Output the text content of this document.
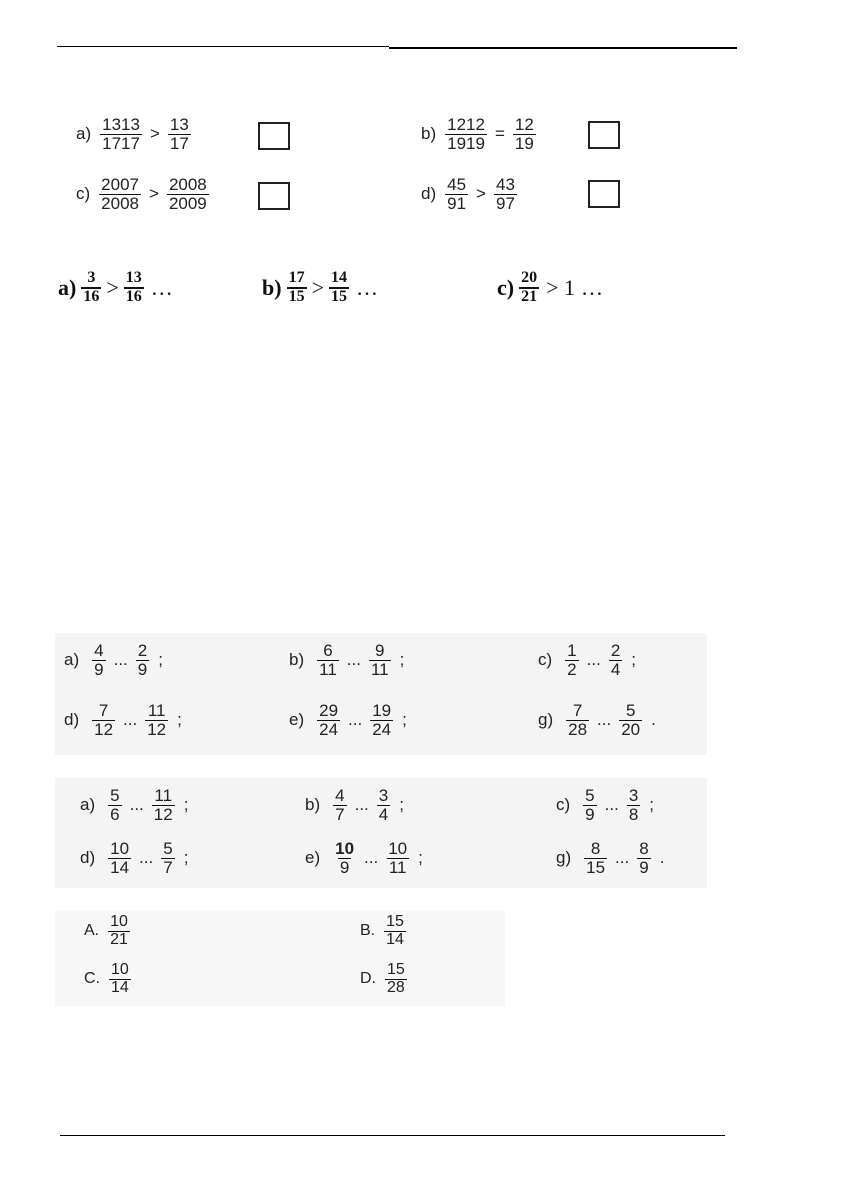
$a) \frac{1313}{1717} > \frac{13}{17}$	$b) \frac{1212}{1919} = \frac{12}{19}$
$c) \frac{2007}{2008} > \frac{2008}{2009}$	$d) \frac{45}{91} > \frac{43}{97}$
$a) \frac{3}{16} > \frac{13}{16}$ …	$b) \frac{17}{15} > \frac{14}{15}$ …	$c) \frac{20}{21} > 1$ …
$a) \frac{4}{9}$ ... $\frac{2}{9}$ ;	$b) \frac{6}{11}$ ... $\frac{9}{11}$ ;	$c) \frac{1}{2}$ ... $\frac{2}{4}$ ;
$d) \frac{7}{12}$ ... $\frac{11}{12}$ ;	$e) \frac{29}{24}$ ... $\frac{19}{24}$ ;	$g) \frac{7}{28}$ ... $\frac{5}{20}$ .
$a) \frac{5}{6}$ ... $\frac{11}{12}$ ;	$b) \frac{4}{7}$ ... $\frac{3}{4}$ ;	$c) \frac{5}{9}$ ... $\frac{3}{8}$ ;
$d) \frac{10}{14}$ ... $\frac{5}{7}$ ;	$e) \frac{10}{9}$ ... $\frac{10}{11}$ ;	$g) \frac{8}{15}$ ... $\frac{8}{9}$ .
A. $\frac{10}{21}$	B. $\frac{15}{14}$
C. $\frac{10}{14}$	D. $\frac{15}{28}$
